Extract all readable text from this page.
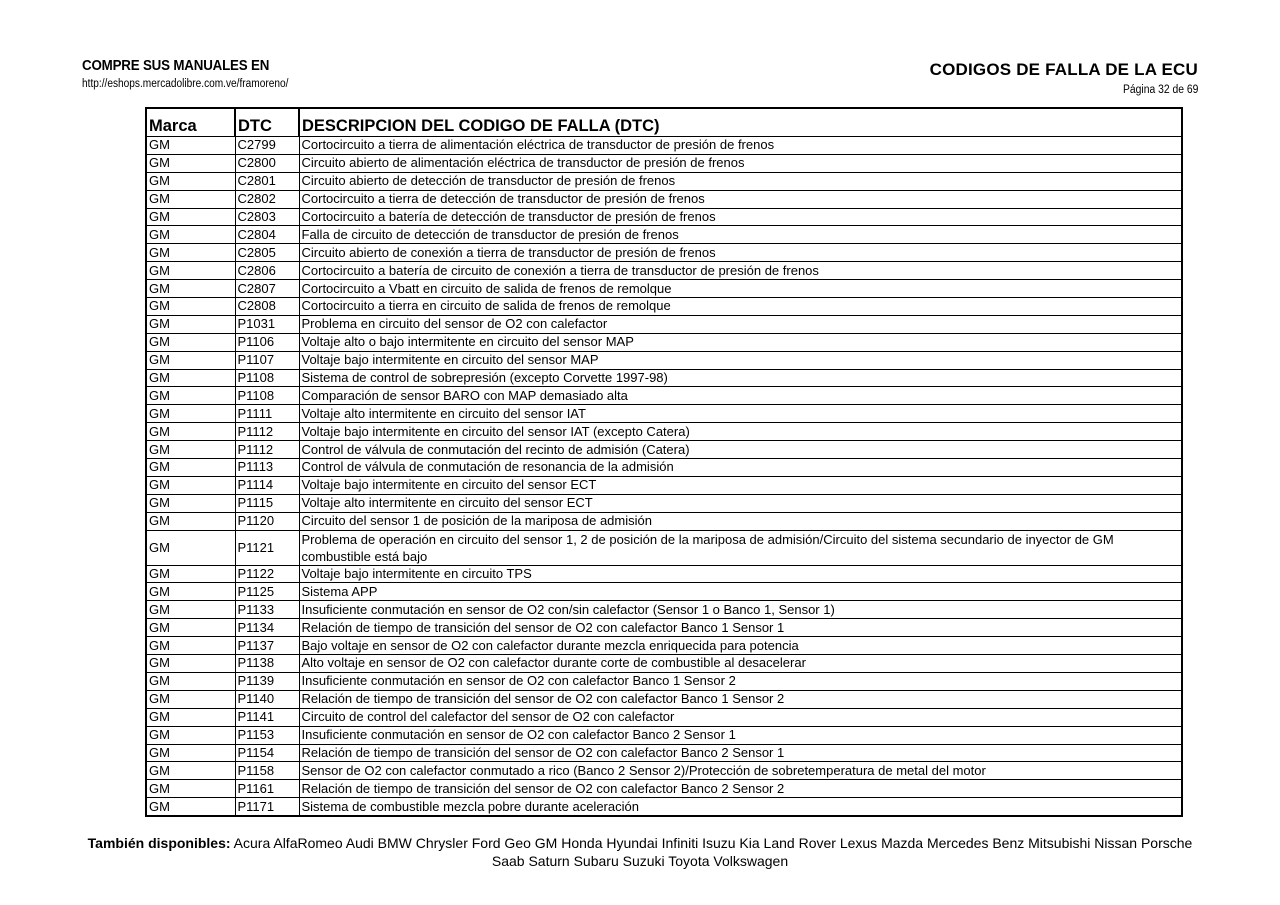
COMPRE SUS MANUALES EN
http://eshops.mercadolibre.com.ve/framoreno/
CODIGOS DE FALLA DE LA ECU
Página 32 de 69
Marca	DTC	DESCRIPCION DEL CODIGO DE FALLA (DTC)
GM	C2799	Cortocircuito a tierra de alimentación eléctrica de transductor de presión de frenos
GM	C2800	Circuito abierto de alimentación eléctrica de transductor de presión de frenos
GM	C2801	Circuito abierto de detección de transductor de presión de frenos
GM	C2802	Cortocircuito a tierra de detección de transductor de presión de frenos
GM	C2803	Cortocircuito a batería de detección de transductor de presión de frenos
GM	C2804	Falla de circuito de detección de transductor de presión de frenos
GM	C2805	Circuito abierto de conexión a tierra de transductor de presión de frenos
GM	C2806	Cortocircuito a batería de circuito de conexión a tierra de transductor de presión de frenos
GM	C2807	Cortocircuito a Vbatt en circuito de salida de frenos de remolque
GM	C2808	Cortocircuito a tierra en circuito de salida de frenos de remolque
GM	P1031	Problema en circuito del sensor de O2 con calefactor
GM	P1106	Voltaje alto o bajo intermitente en circuito del sensor MAP
GM	P1107	Voltaje bajo intermitente en circuito del sensor MAP
GM	P1108	Sistema de control de sobrepresión (excepto Corvette 1997-98)
GM	P1108	Comparación de sensor BARO con MAP demasiado alta
GM	P1111	Voltaje alto intermitente en circuito del sensor IAT
GM	P1112	Voltaje bajo intermitente en circuito del sensor IAT (excepto Catera)
GM	P1112	Control de válvula de conmutación del recinto de admisión (Catera)
GM	P1113	Control de válvula de conmutación de resonancia de la admisión
GM	P1114	Voltaje bajo intermitente en circuito del sensor ECT
GM	P1115	Voltaje alto intermitente en circuito del sensor ECT
GM	P1120	Circuito del sensor 1 de posición de la mariposa de admisión
GM	P1121	Problema de operación en circuito del sensor 1, 2 de posición de la mariposa de admisión/Circuito del sistema secundario de inyector de GM combustible está bajo
GM	P1122	Voltaje bajo intermitente en circuito TPS
GM	P1125	Sistema APP
GM	P1133	Insuficiente conmutación en sensor de O2 con/sin calefactor (Sensor 1 o Banco 1, Sensor 1)
GM	P1134	Relación de tiempo de transición del sensor de O2 con calefactor Banco 1 Sensor 1
GM	P1137	Bajo voltaje en sensor de O2 con calefactor durante mezcla enriquecida para potencia
GM	P1138	Alto voltaje en sensor de O2 con calefactor durante corte de combustible al desacelerar
GM	P1139	Insuficiente conmutación en sensor de O2 con calefactor Banco 1 Sensor 2
GM	P1140	Relación de tiempo de transición del sensor de O2 con calefactor Banco 1 Sensor 2
GM	P1141	Circuito de control del calefactor del sensor de O2 con calefactor
GM	P1153	Insuficiente conmutación en sensor de O2 con calefactor Banco 2 Sensor 1
GM	P1154	Relación de tiempo de transición del sensor de O2 con calefactor Banco 2 Sensor 1
GM	P1158	Sensor de O2 con calefactor conmutado a rico (Banco 2 Sensor 2)/Protección de sobretemperatura de metal del motor
GM	P1161	Relación de tiempo de transición del sensor de O2 con calefactor Banco 2 Sensor 2
GM	P1171	Sistema de combustible mezcla pobre durante aceleración
También disponibles: Acura AlfaRomeo Audi BMW Chrysler Ford Geo GM Honda Hyundai Infiniti Isuzu Kia Land Rover Lexus Mazda Mercedes Benz Mitsubishi Nissan Porsche Saab Saturn Subaru Suzuki Toyota Volkswagen
